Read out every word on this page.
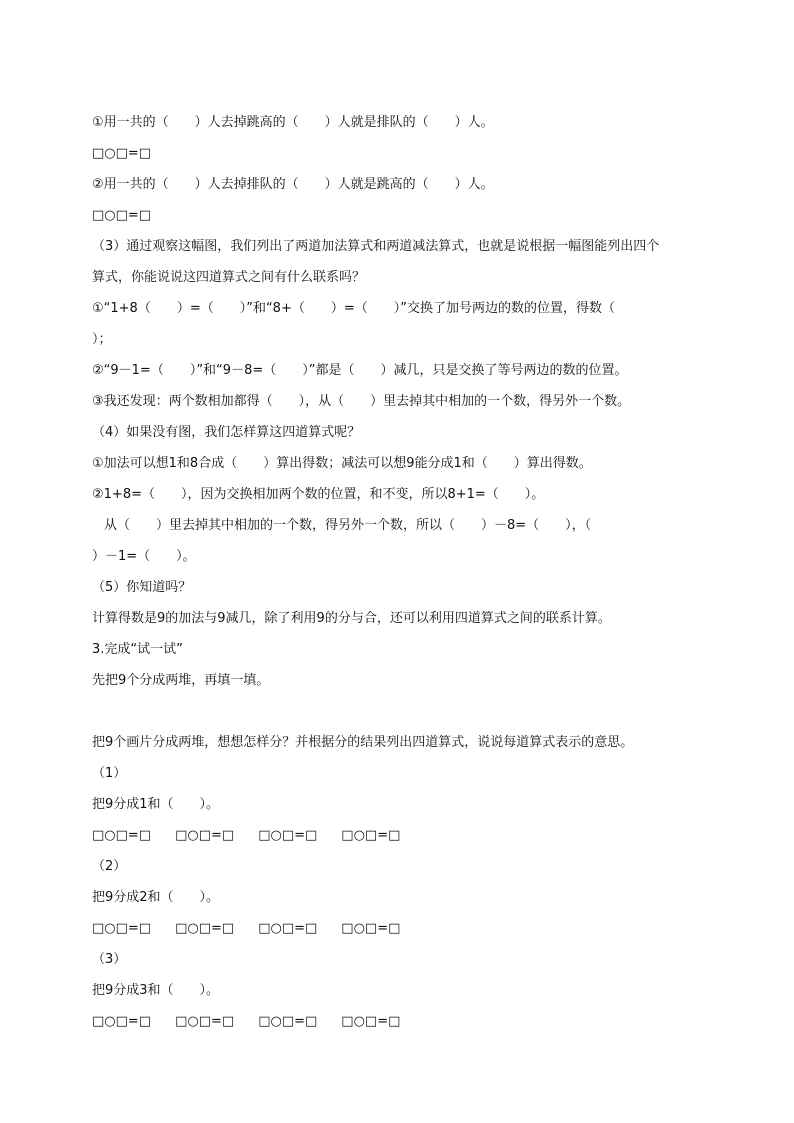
①用一共的（　　）人去掉跳高的（　　）人就是排队的（　　）人。
□○□=□
②用一共的（　　）人去掉排队的（　　）人就是跳高的（　　）人。
□○□=□
（3）通过观察这幅图，我们列出了两道加法算式和两道减法算式，也就是说根据一幅图能列出四个
算式，你能说说这四道算式之间有什么联系吗？
①“1+8（　　）=（　　）”和“8+（　　）=（　　）”交换了加号两边的数的位置，得数（
）；
②“9－1=（　　）”和“9－8=（　　）”都是（　　）减几，只是交换了等号两边的数的位置。
③我还发现：两个数相加都得（　　），从（　　）里去掉其中相加的一个数，得另外一个数。
（4）如果没有图，我们怎样算这四道算式呢？
①加法可以想1和8合成（　　）算出得数；减法可以想9能分成1和（　　）算出得数。
②1+8=（　　），因为交换相加两个数的位置，和不变，所以8+1=（　　）。
从（　　）里去掉其中相加的一个数，得另外一个数，所以（　　）－8=（　　），（
）－1=（　　）。
（5）你知道吗？
计算得数是9的加法与9减几，除了利用9的分与合，还可以利用四道算式之间的联系计算。
3.完成“试一试”
先把9个分成两堆，再填一填。
把9个画片分成两堆，想想怎样分？并根据分的结果列出四道算式，说说每道算式表示的意思。
（1）
把9分成1和（　　）。
□○□=□ □○□=□ □○□=□ □○□=□
（2）
把9分成2和（　　）。
□○□=□ □○□=□ □○□=□ □○□=□
（3）
把9分成3和（　　）。
□○□=□ □○□=□ □○□=□ □○□=□
